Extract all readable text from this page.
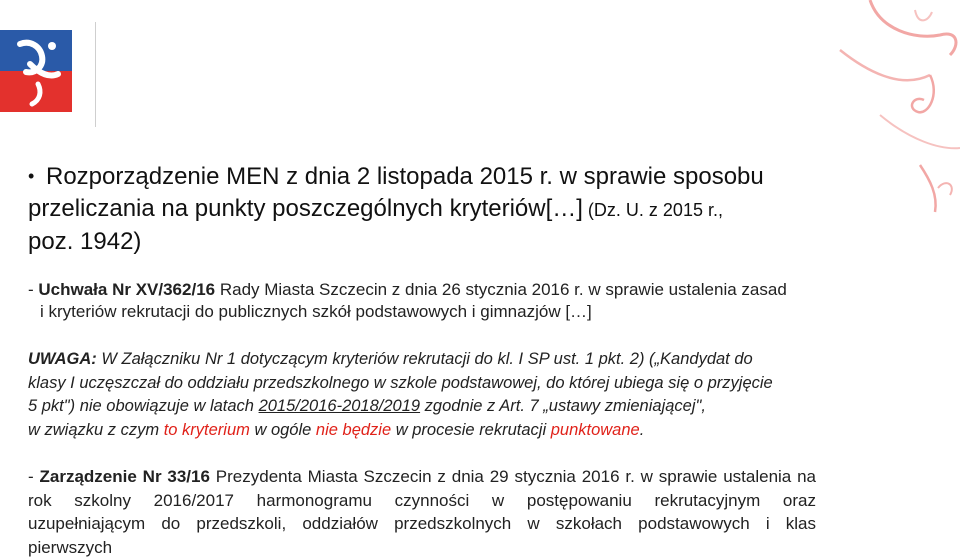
• Rozporządzenie MEN z dnia 2 listopada 2015 r. w sprawie sposobu
przeliczania na punkty poszczególnych kryteriów[…] (Dz. U. z 2015 r.,
poz. 1942)
- Uchwała Nr XV/362/16 Rady Miasta Szczecin z dnia 26 stycznia 2016 r. w sprawie ustalenia zasad
i kryteriów rekrutacji do publicznych szkół podstawowych i gimnazjów […]
UWAGA: W Załączniku Nr 1 dotyczącym kryteriów rekrutacji do kl. I SP ust. 1 pkt. 2) („Kandydat do
klasy I uczęszczał do oddziału przedszkolnego w szkole podstawowej, do której ubiega się o przyjęcie
5 pkt") nie obowiązuje w latach 2015/2016-2018/2019 zgodnie z Art. 7 „ustawy zmieniającej",
w związku z czym to kryterium w ogóle nie będzie w procesie rekrutacji punktowane.
- Zarządzenie Nr 33/16 Prezydenta Miasta Szczecin z dnia 29 stycznia 2016 r. w sprawie ustalenia na
rok szkolny 2016/2017 harmonogramu czynności w postępowaniu rekrutacyjnym oraz
uzupełniającym do przedszkoli, oddziałów przedszkolnych w szkołach podstawowych i klas
pierwszych
